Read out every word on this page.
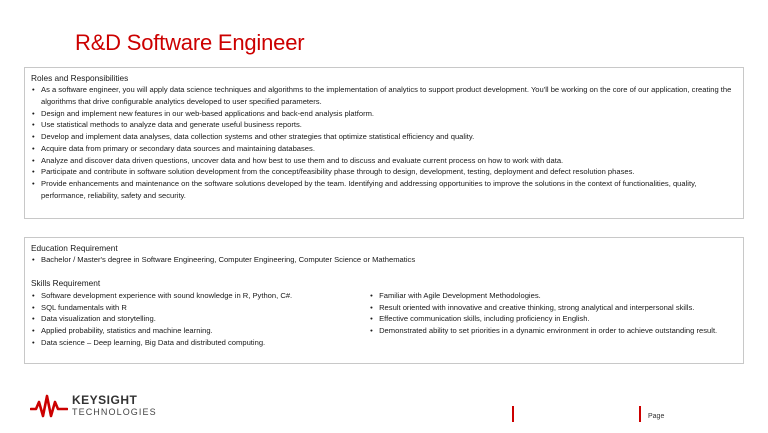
R&D Software Engineer
Roles and Responsibilities
• As a software engineer, you will apply data science techniques and algorithms to the implementation of analytics to support product development. You'll be working on the core of our application, creating the algorithms that drive configurable analytics developed to user specified parameters.
• Design and implement new features in our web-based applications and back-end analysis platform.
• Use statistical methods to analyze data and generate useful business reports.
• Develop and implement data analyses, data collection systems and other strategies that optimize statistical efficiency and quality.
• Acquire data from primary or secondary data sources and maintaining databases.
• Analyze and discover data driven questions, uncover data and how best to use them and to discuss and evaluate current process on how to work with data.
• Participate and contribute in software solution development from the concept/feasibility phase through to design, development, testing, deployment and defect resolution phases.
• Provide enhancements and maintenance on the software solutions developed by the team. Identifying and addressing opportunities to improve the solutions in the context of functionalities, quality, performance, reliability, safety and security.
Education Requirement
• Bachelor / Master's degree in Software Engineering, Computer Engineering, Computer Science or Mathematics
Skills Requirement
• Software development experience with sound knowledge in R, Python, C#.
• SQL fundamentals with R
• Data visualization and storytelling.
• Applied probability, statistics and machine learning.
• Data science – Deep learning, Big Data and distributed computing.
• Familiar with Agile Development Methodologies.
• Result oriented with innovative and creative thinking, strong analytical and interpersonal skills.
• Effective communication skills, including proficiency in English.
• Demonstrated ability to set priorities in a dynamic environment in order to achieve outstanding result.
KEYSIGHT
TECHNOLOGIES	Page
